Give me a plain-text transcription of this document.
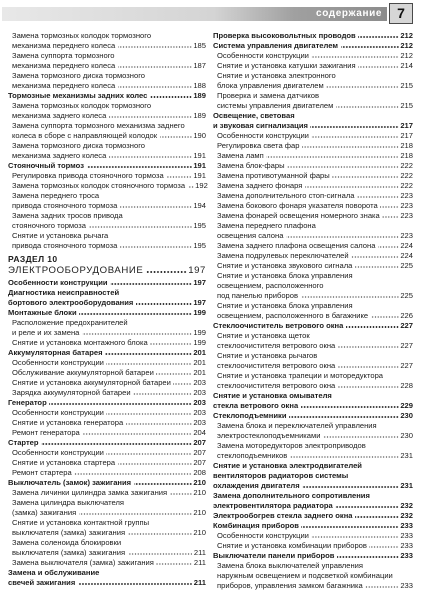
содержание	7
Замена тормозных колодок тормозного
механизма переднего колеса	185
Замена суппорта тормозного
механизма переднего колеса	187
Замена тормозного диска тормозного
механизма переднего колеса	188
Тормозные механизмы задних колес	189
Замена тормозных колодок тормозного
механизма заднего колеса	189
Замена суппорта тормозного механизма заднего
колеса в сборе с направляющей колодок	190
Замена тормозного диска тормозного
механизма заднего колеса	191
Стояночный тормоз	191
Регулировка привода стояночного тормоза	191
Замена тормозных колодок стояночного тормоза 192
Замена переднего троса
привода стояночного тормоза	194
Замена задних тросов привода
стояночного тормоза	195
Снятие и установка рычага
привода стояночного тормоза	195
РАЗДЕЛ 10
ЭЛЕКТРООБОРУДОВАНИЕ	197
Особенности конструкции	197
Диагностика неисправностей
бортового электрооборудования	197
Монтажные блоки	199
Расположение предохранителей
и реле и их замена	199
Снятие и установка монтажного блока	199
Аккумуляторная батарея	201
Особенности конструкции	201
Обслуживание аккумуляторной батареи	201
Снятие и установка аккумуляторной батареи	203
Зарядка аккумуляторной батареи	203
Генератор	203
Особенности конструкции	203
Снятие и установка генератора	203
Ремонт генератора	204
Стартер	207
Особенности конструкции	207
Снятие и установка стартера	207
Ремонт стартера	208
Выключатель (замок) зажигания	210
Замена личинки цилиндра замка зажигания	210
Замена цилиндра выключателя
(замка) зажигания	210
Снятие и установка контактной группы
выключателя (замка) зажигания	210
Замена соленоида блокировки
выключателя (замка) зажигания	211
Замена выключателя (замка) зажигания	211
Замена и обслуживание
свечей зажигания	211
Проверка высоковольтных проводов	212
Система управления двигателем	212
Особенности конструкции	212
Снятие и установка катушки зажигания	214
Снятие и установка электронного
блока управления двигателем	215
Проверка и замена датчиков
системы управления двигателем	215
Освещение, световая
и звуковая сигнализация	217
Особенности конструкции	217
Регулировка света фар	218
Замена ламп	218
Замена блок-фары	222
Замена противотуманной фары	222
Замена заднего фонаря	222
Замена дополнительного стоп-сигнала	223
Замена бокового фонаря указателя поворота	223
Замена фонарей освещения номерного знака	223
Замена переднего плафона
освещения салона	223
Замена заднего плафона освещения салона	224
Замена подрулевых переключателей	224
Снятие и установка звукового сигнала	225
Снятие и установка блока управления
освещением, расположенного
под панелью приборов	225
Снятие и установка блока управления
освещением, расположенного в багажнике	226
Стеклоочиститель ветрового окна	227
Снятие и установка щеток
стеклоочистителя ветрового окна	227
Снятие и установка рычагов
стеклоочистителя ветрового окна	227
Снятие и установка трапеции и моторедуктора
стеклоочистителя ветрового окна	228
Снятие и установка омывателя
стекла ветрового окна	229
Стеклоподъемники	230
Замена блока и переключателей управления
электростеклоподъемниками	230
Замена моторедукторов электроприводов
стеклоподъемников	231
Снятие и установка электродвигателей
вентиляторов радиаторов системы
охлаждения двигателя	231
Замена дополнительного сопротивления
электровентилятора радиатора	232
Электрообогрев стекла заднего окна	232
Комбинация приборов	233
Особенности конструкции	233
Снятие и установка комбинации приборов	233
Выключатели панели приборов	233
Замена блока выключателей управления
наружным освещением и подсветкой комбинации
приборов, управления замком багажника	233
